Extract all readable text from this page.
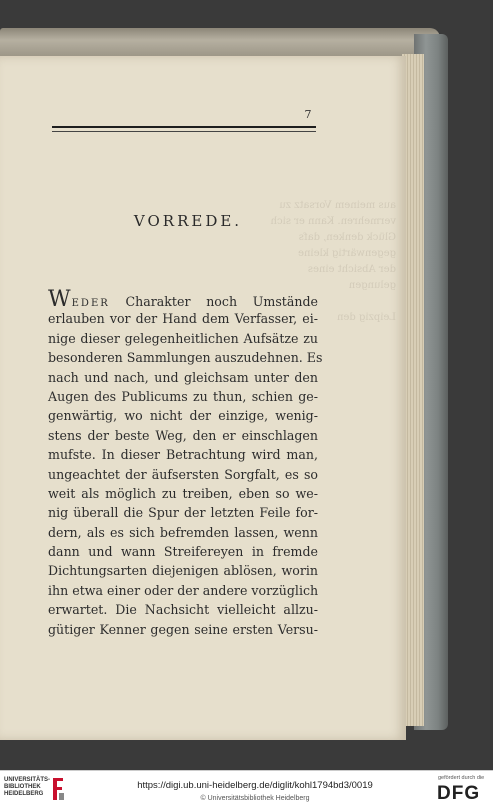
aus meinem Vorsatz zu
vermehren. Kann er sich
Glück denken, dafs
gegenwärtig kleine
der Absicht eines
gelungen

Leipzig den
7
VORREDE.
WEDER Charakter noch Umstände
erlauben vor der Hand dem Verfasser, ei-
nige dieser gelegenheitlichen Aufsätze zu
besonderen Sammlungen auszudehnen. Es
nach und nach, und gleichsam unter den
Augen des Publicums zu thun, schien ge-
genwärtig, wo nicht der einzige, wenig-
stens der beste Weg, den er einschlagen
mufste. In dieser Betrachtung wird man,
ungeachtet der äufsersten Sorgfalt, es so
weit als möglich zu treiben, eben so we-
nig überall die Spur der letzten Feile for-
dern, als es sich befremden lassen, wenn
dann und wann Streifereyen in fremde
Dichtungsarten diejenigen ablösen, worin
ihn etwa einer oder der andere vorzüglich
erwartet. Die Nachsicht vielleicht allzu-
gütiger Kenner gegen seine ersten Versu-
UNIVERSITÄTS-
BIBLIOTHEK
HEIDELBERG
https://digi.ub.uni-heidelberg.de/diglit/kohl1794bd3/0019
© Universitätsbibliothek Heidelberg
gefördert durch die
DFG
